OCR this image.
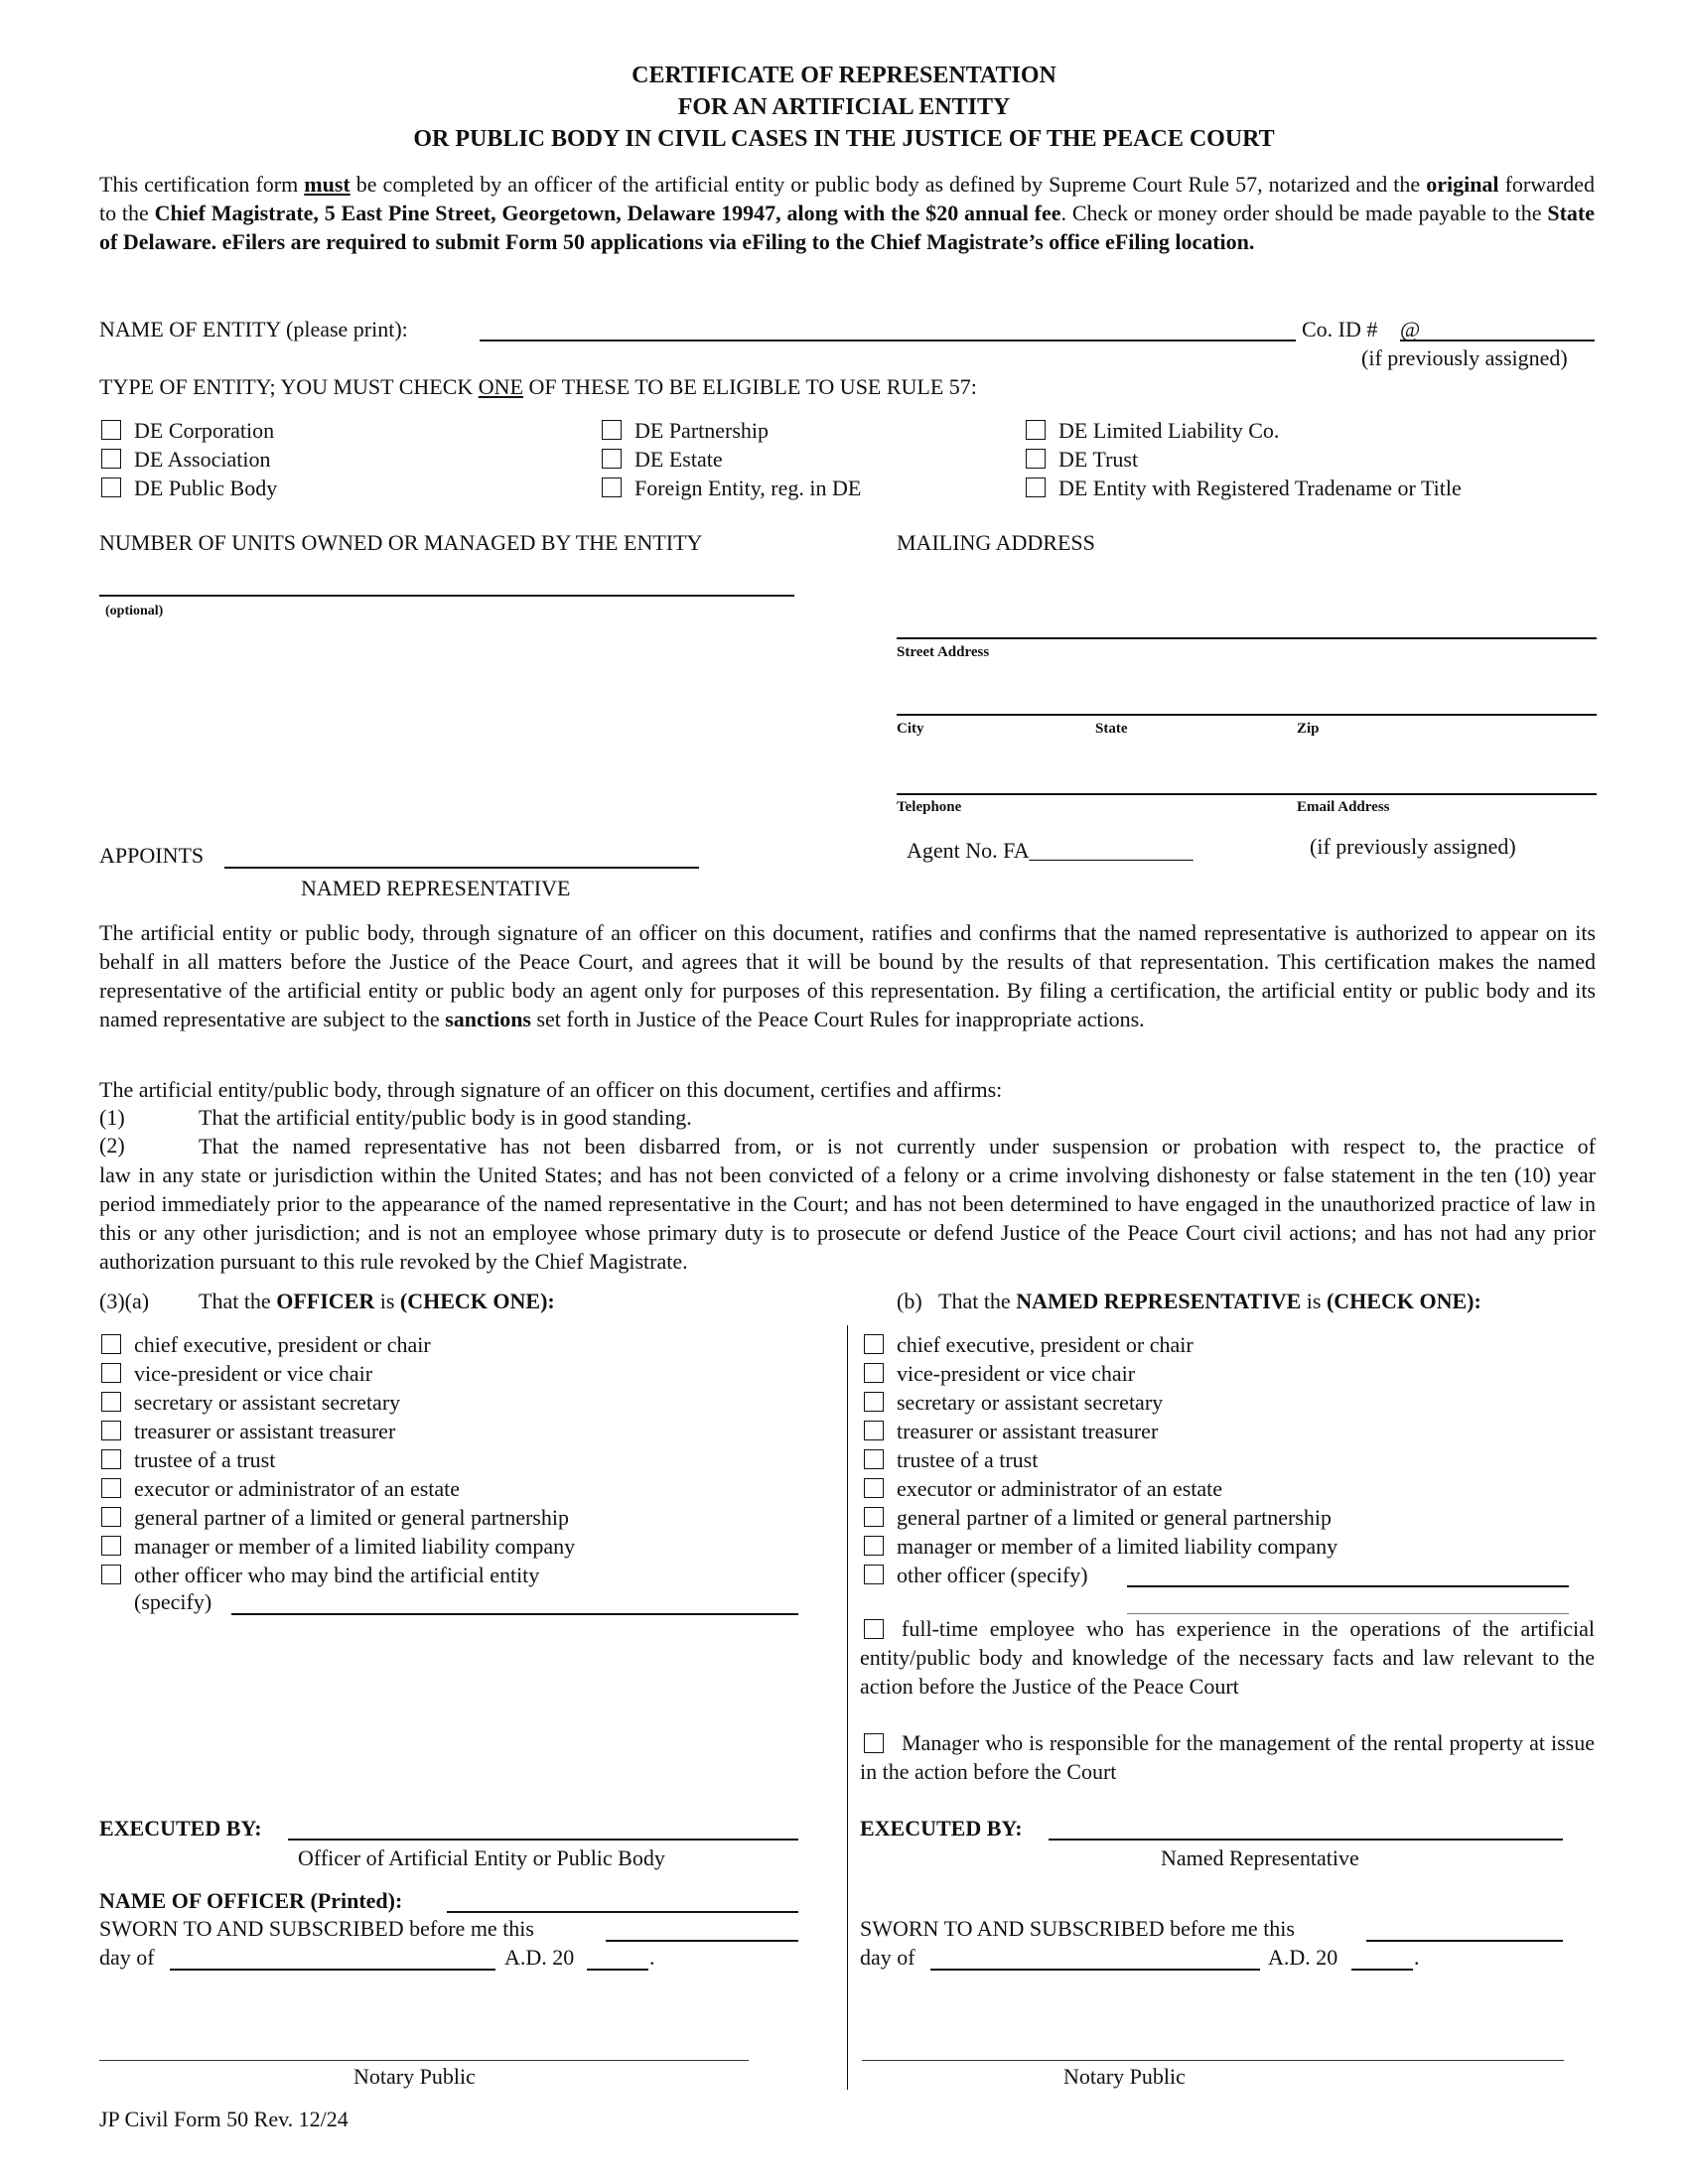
CERTIFICATE OF REPRESENTATION
FOR AN ARTIFICIAL ENTITY
OR PUBLIC BODY IN CIVIL CASES IN THE JUSTICE OF THE PEACE COURT
This certification form must be completed by an officer of the artificial entity or public body as defined by Supreme Court Rule 57, notarized and the original forwarded to the Chief Magistrate, 5 East Pine Street, Georgetown, Delaware 19947, along with the $20 annual fee. Check or money order should be made payable to the State of Delaware. eFilers are required to submit Form 50 applications via eFiling to the Chief Magistrate’s office eFiling location.
NAME OF ENTITY (please print):	Co. ID # @
(if previously assigned)
TYPE OF ENTITY; YOU MUST CHECK ONE OF THESE TO BE ELIGIBLE TO USE RULE 57:
DE Corporation
DE Association
DE Public Body
DE Partnership
DE Estate
Foreign Entity, reg. in DE
DE Limited Liability Co.
DE Trust
DE Entity with Registered Tradename or Title
NUMBER OF UNITS OWNED OR MANAGED BY THE ENTITY
(optional)
MAILING ADDRESS
Street Address
City	State	Zip
Telephone	Email Address
APPOINTS
NAMED REPRESENTATIVE
Agent No. FA_______________	(if previously assigned)
The artificial entity or public body, through signature of an officer on this document, ratifies and confirms that the named representative is authorized to appear on its behalf in all matters before the Justice of the Peace Court, and agrees that it will be bound by the results of that representation. This certification makes the named representative of the artificial entity or public body an agent only for purposes of this representation. By filing a certification, the artificial entity or public body and its named representative are subject to the sanctions set forth in Justice of the Peace Court Rules for inappropriate actions.
The artificial entity/public body, through signature of an officer on this document, certifies and affirms:
(1)	That the artificial entity/public body is in good standing.
(2)	That the named representative has not been disbarred from, or is not currently under suspension or probation with respect to, the practice of
law in any state or jurisdiction within the United States; and has not been convicted of a felony or a crime involving dishonesty or false statement in the ten (10) year period immediately prior to the appearance of the named representative in the Court; and has not been determined to have engaged in the unauthorized practice of law in this or any other jurisdiction; and is not an employee whose primary duty is to prosecute or defend Justice of the Peace Court civil actions; and has not had any prior authorization pursuant to this rule revoked by the Chief Magistrate.
(3)(a) That the OFFICER is (CHECK ONE):
chief executive, president or chair
vice-president or vice chair
secretary or assistant secretary
treasurer or assistant treasurer
trustee of a trust
executor or administrator of an estate
general partner of a limited or general partnership
manager or member of a limited liability company
other officer who may bind the artificial entity
(specify)
EXECUTED BY:
Officer of Artificial Entity or Public Body
NAME OF OFFICER (Printed):
SWORN TO AND SUBSCRIBED before me this
day of	A.D. 20	.
Notary Public
(b) That the NAMED REPRESENTATIVE is (CHECK ONE):
chief executive, president or chair
vice-president or vice chair
secretary or assistant secretary
treasurer or assistant treasurer
trustee of a trust
executor or administrator of an estate
general partner of a limited or general partnership
manager or member of a limited liability company
other officer (specify)
full-time employee who has experience in the operations of the artificial entity/public body and knowledge of the necessary facts and law relevant to the action before the Justice of the Peace Court
Manager who is responsible for the management of the rental property at issue in the action before the Court
EXECUTED BY:
Named Representative
SWORN TO AND SUBSCRIBED before me this
day of	A.D. 20	.
Notary Public
JP Civil Form 50 Rev. 12/24
